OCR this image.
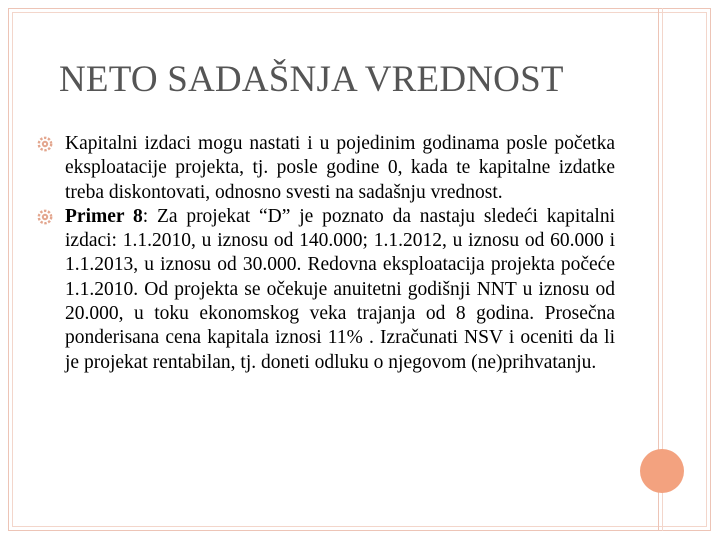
NETO SADAŠNJA VREDNOST
Kapitalni izdaci mogu nastati i u pojedinim godinama posle početka eksploatacije projekta, tj. posle godine 0, kada te kapitalne izdatke treba diskontovati, odnosno svesti na sadašnju vrednost.
Primer 8: Za projekat “D” je poznato da nastaju sledeći kapitalni izdaci: 1.1.2010, u iznosu od 140.000; 1.1.2012, u iznosu od 60.000 i 1.1.2013, u iznosu od 30.000. Redovna eksploatacija projekta počeće 1.1.2010. Od projekta se očekuje anuitetni godišnji NNT u iznosu od 20.000, u toku ekonomskog veka trajanja od 8 godina. Prosečna ponderisana cena kapitala iznosi 11% . Izračunati NSV i oceniti da li je projekat rentabilan, tj. doneti odluku o njegovom (ne)prihvatanju.
